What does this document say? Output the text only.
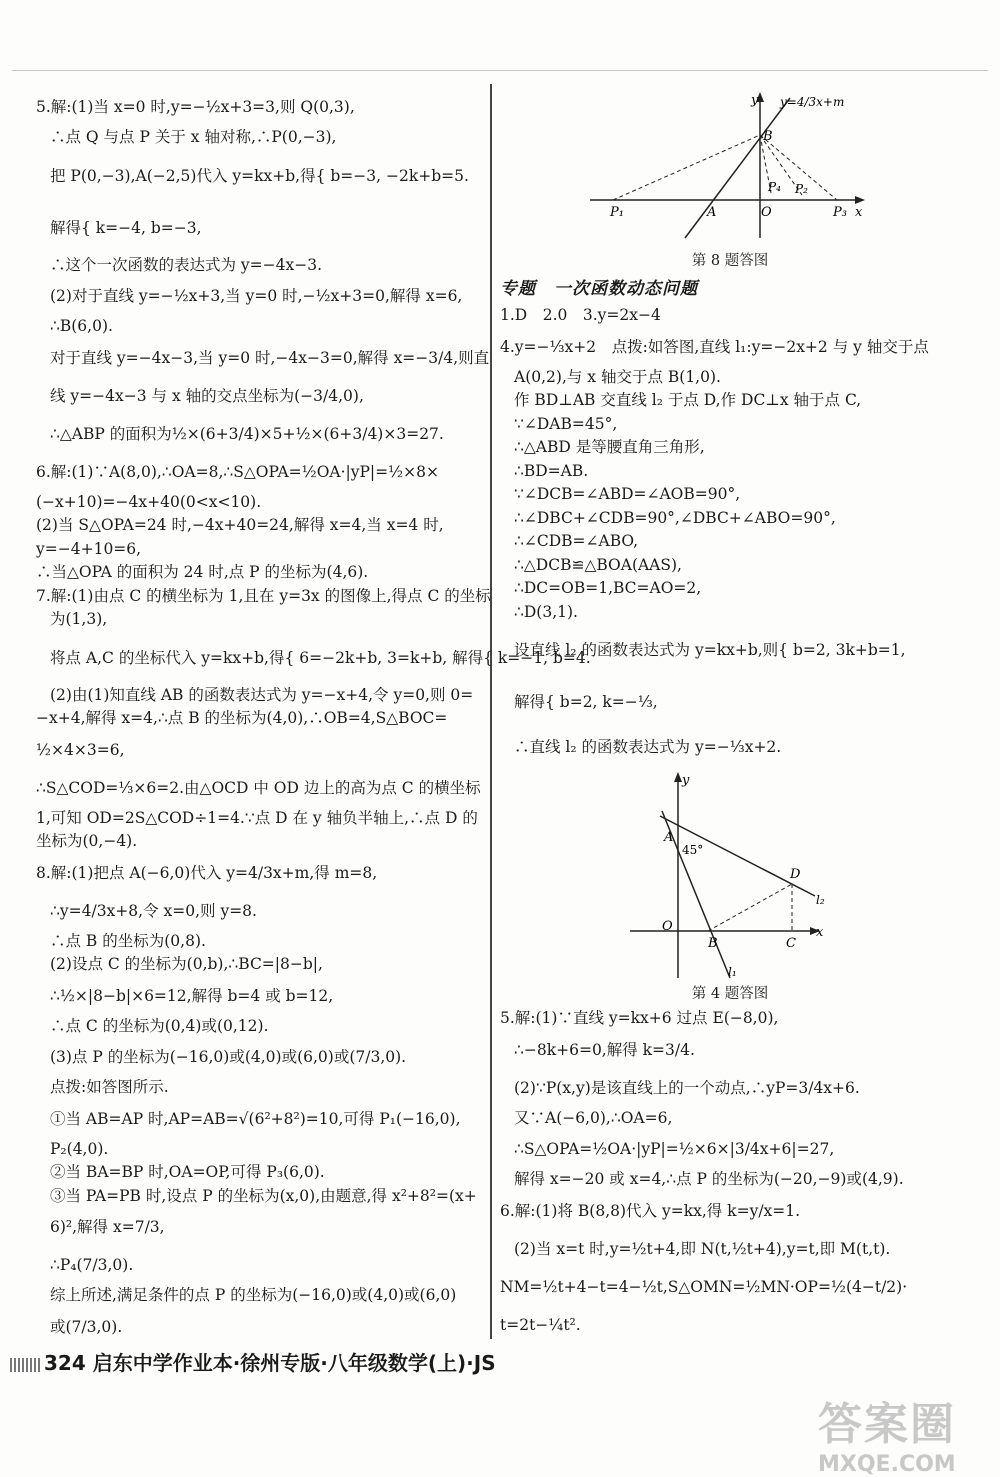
5.解:(1)当 x=0 时,y=−½x+3=3,则 Q(0,3),
∴点 Q 与点 P 关于 x 轴对称,∴P(0,−3),
把 P(0,−3),A(−2,5)代入 y=kx+b,得{ b=−3, −2k+b=5.
解得{ k=−4, b=−3,
∴这个一次函数的表达式为 y=−4x−3.
(2)对于直线 y=−½x+3,当 y=0 时,−½x+3=0,解得 x=6,
∴B(6,0).
对于直线 y=−4x−3,当 y=0 时,−4x−3=0,解得 x=−3/4,则直
线 y=−4x−3 与 x 轴的交点坐标为(−3/4,0),
∴△ABP 的面积为½×(6+3/4)×5+½×(6+3/4)×3=27.
6.解:(1)∵A(8,0),∴OA=8,∴S△OPA=½OA·|yP|=½×8×
(−x+10)=−4x+40(0<x<10).
(2)当 S△OPA=24 时,−4x+40=24,解得 x=4,当 x=4 时,
y=−4+10=6,
∴当△OPA 的面积为 24 时,点 P 的坐标为(4,6).
7.解:(1)由点 C 的横坐标为 1,且在 y=3x 的图像上,得点 C 的坐标
为(1,3),
将点 A,C 的坐标代入 y=kx+b,得{ 6=−2k+b, 3=k+b, 解得{ k=−1, b=4.
(2)由(1)知直线 AB 的函数表达式为 y=−x+4,令 y=0,则 0=
−x+4,解得 x=4,∴点 B 的坐标为(4,0),∴OB=4,S△BOC=
½×4×3=6,
∴S△COD=⅓×6=2.由△OCD 中 OD 边上的高为点 C 的横坐标
1,可知 OD=2S△COD÷1=4.∵点 D 在 y 轴负半轴上,∴点 D 的
坐标为(0,−4).
8.解:(1)把点 A(−6,0)代入 y=4/3x+m,得 m=8,
∴y=4/3x+8,令 x=0,则 y=8.
∴点 B 的坐标为(0,8).
(2)设点 C 的坐标为(0,b),∴BC=|8−b|,
∴½×|8−b|×6=12,解得 b=4 或 b=12,
∴点 C 的坐标为(0,4)或(0,12).
(3)点 P 的坐标为(−16,0)或(4,0)或(6,0)或(7/3,0).
点拨:如答图所示.
①当 AB=AP 时,AP=AB=√(6²+8²)=10,可得 P₁(−16,0),
P₂(4,0).
②当 BA=BP 时,OA=OP,可得 P₃(6,0).
③当 PA=PB 时,设点 P 的坐标为(x,0),由题意,得 x²+8²=(x+
6)²,解得 x=7/3,
∴P₄(7/3,0).
综上所述,满足条件的点 P 的坐标为(−16,0)或(4,0)或(6,0)
或(7/3,0).
y y=4/3x+m
B
A	O
P₁
P₄ P₂
P₃ x
第 8 题答图
专题　一次函数动态问题
1.D　2.0　3.y=2x−4
4.y=−⅓x+2　点拨:如答图,直线 l₁:y=−2x+2 与 y 轴交于点
A(0,2),与 x 轴交于点 B(1,0).
作 BD⊥AB 交直线 l₂ 于点 D,作 DC⊥x 轴于点 C,
∵∠DAB=45°,
∴△ABD 是等腰直角三角形,
∴BD=AB.
∵∠DCB=∠ABD=∠AOB=90°,
∴∠DBC+∠CDB=90°,∠DBC+∠ABO=90°,
∴∠CDB=∠ABO,
∴△DCB≌△BOA(AAS),
∴DC=OB=1,BC=AO=2,
∴D(3,1).
设直线 l₂ 的函数表达式为 y=kx+b,则{ b=2, 3k+b=1,
解得{ b=2, k=−⅓,
∴直线 l₂ 的函数表达式为 y=−⅓x+2.
y
A
45°
D
l₂
O
B	C
x
l₁
第 4 题答图
5.解:(1)∵直线 y=kx+6 过点 E(−8,0),
∴−8k+6=0,解得 k=3/4.
(2)∵P(x,y)是该直线上的一个动点,∴yP=3/4x+6.
又∵A(−6,0),∴OA=6,
∴S△OPA=½OA·|yP|=½×6×|3/4x+6|=27,
解得 x=−20 或 x=4,∴点 P 的坐标为(−20,−9)或(4,9).
6.解:(1)将 B(8,8)代入 y=kx,得 k=y/x=1.
(2)当 x=t 时,y=½t+4,即 N(t,½t+4),y=t,即 M(t,t).
NM=½t+4−t=4−½t,S△OMN=½MN·OP=½(4−t/2)·
t=2t−¼t².
324 启东中学作业本·徐州专版·八年级数学(上)·JS
答案圈
MXQE.COM
